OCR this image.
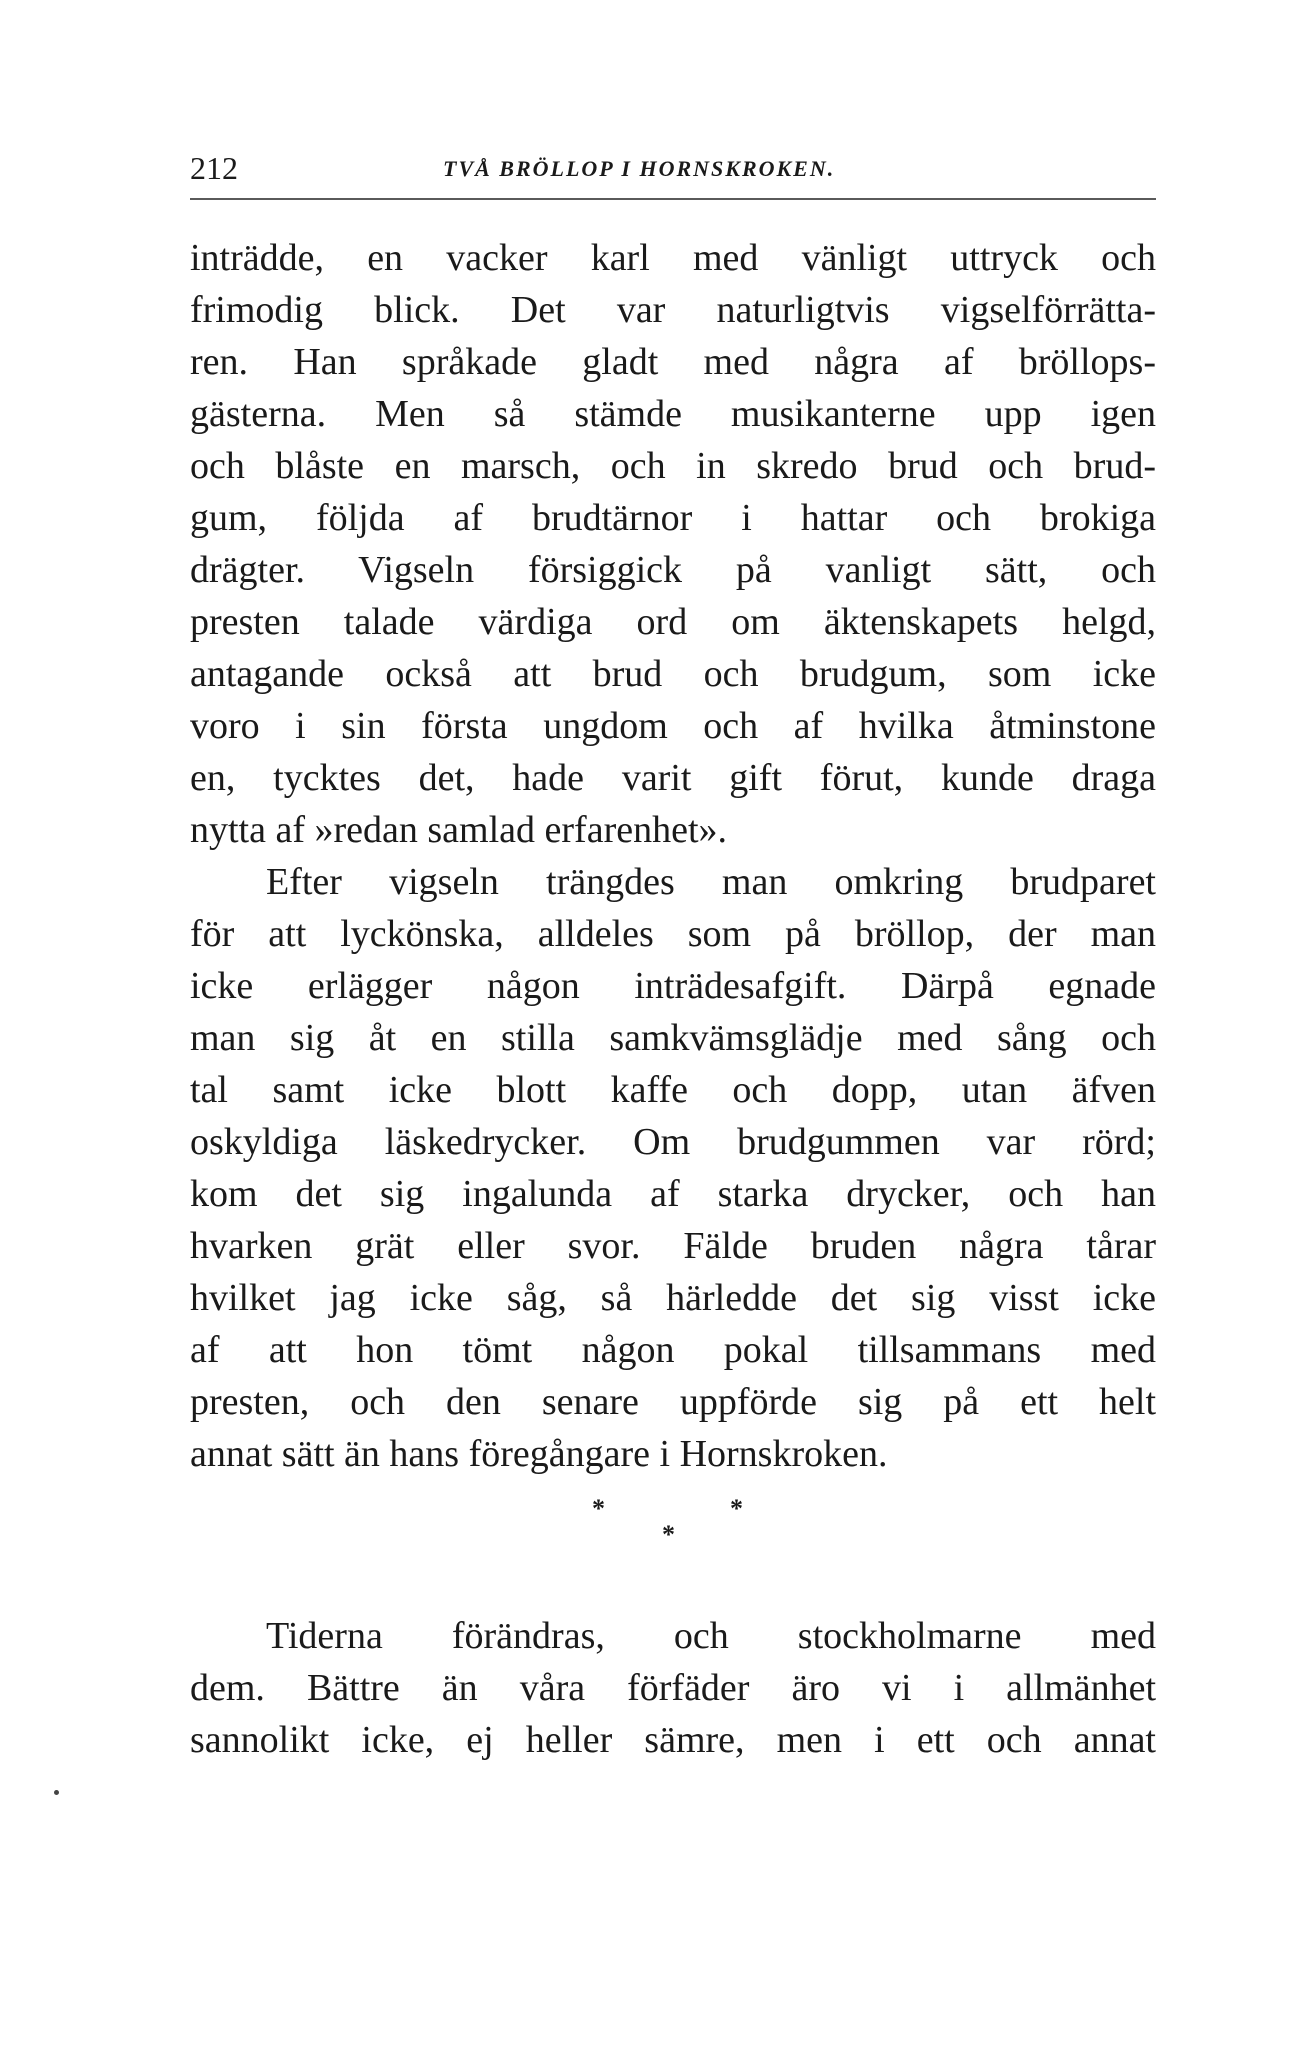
212	TVÅ BRÖLLOP I HORNSKROKEN.
inträdde, en vacker karl med vänligt uttryck och
frimodig blick. Det var naturligtvis vigselförrätta-
ren. Han språkade gladt med några af bröllops-
gästerna. Men så stämde musikanterne upp igen
och blåste en marsch, och in skredo brud och brud-
gum, följda af brudtärnor i hattar och brokiga
drägter. Vigseln försiggick på vanligt sätt, och
presten talade värdiga ord om äktenskapets helgd,
antagande också att brud och brudgum, som icke
voro i sin första ungdom och af hvilka åtminstone
en, tycktes det, hade varit gift förut, kunde draga
nytta af »redan samlad erfarenhet».
Efter vigseln trängdes man omkring brudparet
för att lyckönska, alldeles som på bröllop, der man
icke erlägger någon inträdesafgift. Därpå egnade
man sig åt en stilla samkvämsglädje med sång och
tal samt icke blott kaffe och dopp, utan äfven
oskyldiga läskedrycker. Om brudgummen var rörd;
kom det sig ingalunda af starka drycker, och han
hvarken grät eller svor. Fälde bruden några tårar
hvilket jag icke såg, så härledde det sig visst icke
af att hon tömt någon pokal tillsammans med
presten, och den senare uppförde sig på ett helt
annat sätt än hans föregångare i Hornskroken.
*	*
*
Tiderna förändras, och stockholmarne med
dem. Bättre än våra förfäder äro vi i allmänhet
sannolikt icke, ej heller sämre, men i ett och annat
